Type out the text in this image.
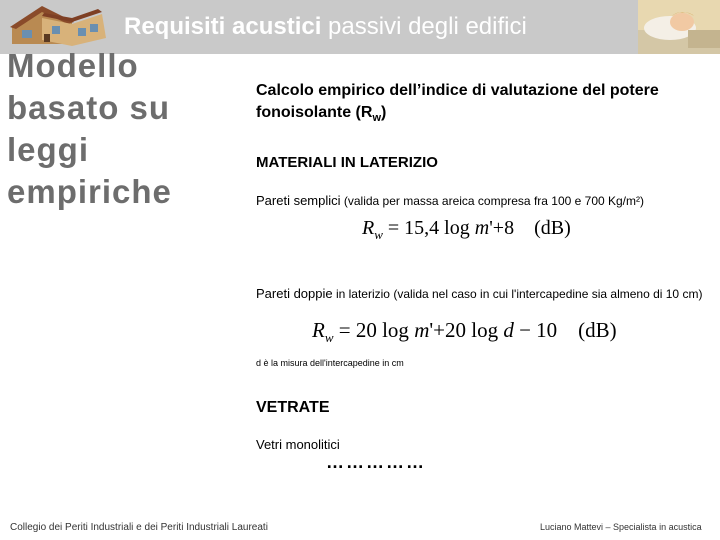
Requisiti acustici passivi degli edifici
Modello
basato su
leggi
empiriche
Calcolo empirico dell’indice di valutazione del potere fonoisolante $(R_w)$
MATERIALI IN LATERIZIO
Pareti semplici (valida per massa areica compresa fra 100 e 700 Kg/m²)
$R_w = 15,4$ log m'+8    (dB)
Pareti doppie in laterizio (valida nel caso in cui l'intercapedine sia almeno di 10 cm)
$R_w = 20$ log m'+20 log d − 10    (dB)
d è la misura dell'intercapedine in cm
VETRATE
Vetri monolitici
……………
Collegio dei Periti Industriali e dei Periti Industriali Laureati	Luciano Mattevi – Specialista in acustica
